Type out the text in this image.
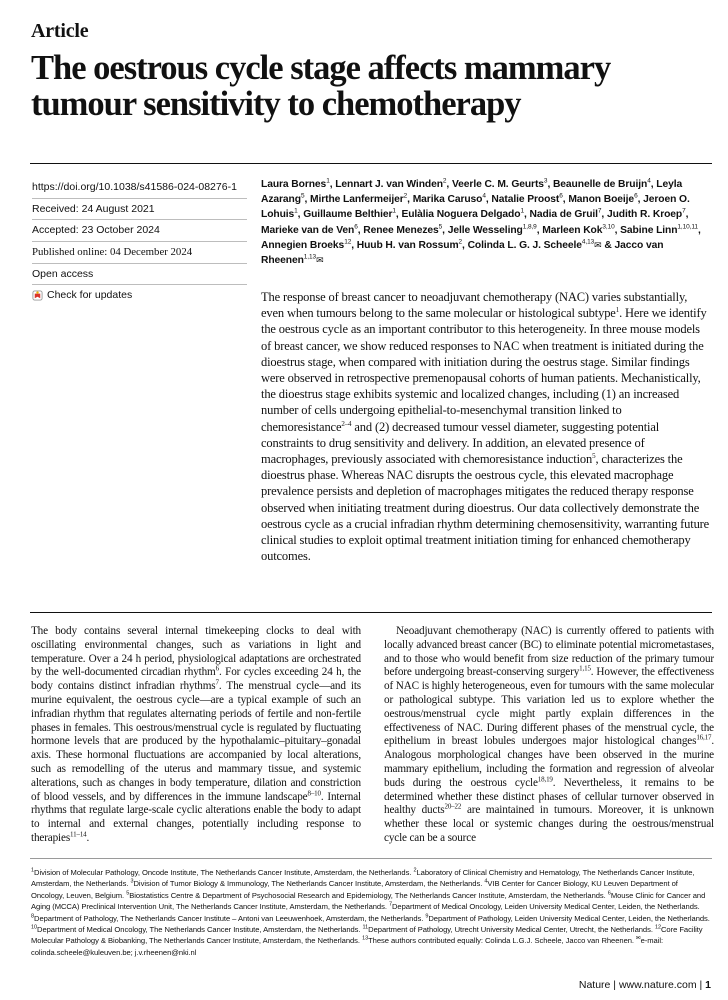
Article
The oestrous cycle stage affects mammary tumour sensitivity to chemotherapy
https://doi.org/10.1038/s41586-024-08276-1
Received: 24 August 2021
Accepted: 23 October 2024
Published online: 04 December 2024
Open access
Check for updates
Laura Bornes$^1$, Lennart J. van Winden$^2$, Veerle C. M. Geurts$^3$, Beaunelle de Bruijn$^4$, Leyla Azarang$^5$, Mirthe Lanfermeijer$^2$, Marika Caruso$^4$, Natalie Proost$^6$, Manon Boeije$^6$, Jeroen O. Lohuis$^1$, Guillaume Belthier$^1$, Eulàlia Noguera Delgado$^1$, Nadia de Gruil$^7$, Judith R. Kroep$^7$, Marieke van de Ven$^6$, Renee Menezes$^5$, Jelle Wesseling$^{1,8,9}$, Marleen Kok$^{3,10}$, Sabine Linn$^{1,10,11}$, Annegien Broeks$^{12}$, Huub H. van Rossum$^2$, Colinda L. G. J. Scheele$^{4,13}$✉ & Jacco van Rheenen$^{1,13}$✉

The response of breast cancer to neoadjuvant chemotherapy (NAC) varies substantially, even when tumours belong to the same molecular or histological subtype$^1$. Here we identify the oestrous cycle as an important contributor to this heterogeneity. In three mouse models of breast cancer, we show reduced responses to NAC when treatment is initiated during the dioestrus stage, when compared with initiation during the oestrus stage. Similar findings were observed in retrospective premenopausal cohorts of human patients. Mechanistically, the dioestrus stage exhibits systemic and localized changes, including (1) an increased number of cells undergoing epithelial-to-mesenchymal transition linked to chemoresistance$^{2-4}$ and (2) decreased tumour vessel diameter, suggesting potential constraints to drug sensitivity and delivery. In addition, an elevated presence of macrophages, previously associated with chemoresistance induction$^5$, characterizes the dioestrus phase. Whereas NAC disrupts the oestrous cycle, this elevated macrophage prevalence persists and depletion of macrophages mitigates the reduced therapy response observed when initiating treatment during dioestrus. Our data collectively demonstrate the oestrous cycle as a crucial infradian rhythm determining chemosensitivity, warranting future clinical studies to exploit optimal treatment initiation timing for enhanced chemotherapy outcomes.

The body contains several internal timekeeping clocks to deal with oscillating environmental changes, such as variations in light and temperature. Over a 24 h period, physiological adaptations are orchestrated by the well-documented circadian rhythm$^6$. For cycles exceeding 24 h, the body contains distinct infradian rhythms$^7$. The menstrual cycle—and its murine equivalent, the oestrous cycle—are a typical example of such an infradian rhythm that regulates alternating periods of fertile and non-fertile phases in females. This oestrous/menstrual cycle is regulated by fluctuating hormone levels that are produced by the hypothalamic–pituitary–gonadal axis. These hormonal fluctuations are accompanied by local alterations, such as remodelling of the uterus and mammary tissue, and systemic alterations, such as changes in body temperature, dilation and constriction of blood vessels, and by differences in the immune landscape$^{8-10}$. Internal rhythms that regulate large-scale cyclic alterations enable the body to adapt to internal and external changes, potentially including response to therapies$^{11-14}$.

Neoadjuvant chemotherapy (NAC) is currently offered to patients with locally advanced breast cancer (BC) to eliminate potential micrometastases, and to those who would benefit from size reduction of the primary tumour before undergoing breast-conserving surgery$^{1,15}$. However, the effectiveness of NAC is highly heterogeneous, even for tumours with the same molecular or pathological subtype. This variation led us to explore whether the oestrous/menstrual cycle might partly explain differences in the effectiveness of NAC. During different phases of the menstrual cycle, the epithelium in breast lobules undergoes major histological changes$^{16,17}$. Analogous morphological changes have been observed in the murine mammary epithelium, including the formation and regression of alveolar buds during the oestrous cycle$^{18,19}$. Nevertheless, it remains to be determined whether these distinct phases of cellular turnover observed in healthy ducts$^{20-22}$ are maintained in tumours. Moreover, it is unknown whether these local or systemic changes during the oestrous/menstrual cycle can be a source

$^1$Division of Molecular Pathology, Oncode Institute, The Netherlands Cancer Institute, Amsterdam, the Netherlands. $^2$Laboratory of Clinical Chemistry and Hematology, The Netherlands Cancer Institute, Amsterdam, the Netherlands. $^3$Division of Tumor Biology & Immunology, The Netherlands Cancer Institute, Amsterdam, the Netherlands. $^4$VIB Center for Cancer Biology, KU Leuven Department of Oncology, Leuven, Belgium. $^5$Biostatistics Centre & Department of Psychosocial Research and Epidemiology, The Netherlands Cancer Institute, Amsterdam, the Netherlands. $^6$Mouse Clinic for Cancer and Aging (MCCA) Preclinical Intervention Unit, The Netherlands Cancer Institute, Amsterdam, the Netherlands. $^7$Department of Medical Oncology, Leiden University Medical Center, Leiden, the Netherlands. $^8$Department of Pathology, The Netherlands Cancer Institute – Antoni van Leeuwenhoek, Amsterdam, the Netherlands. $^9$Department of Pathology, Leiden University Medical Center, Leiden, the Netherlands. $^{10}$Department of Medical Oncology, The Netherlands Cancer Institute, Amsterdam, the Netherlands. $^{11}$Department of Pathology, Utrecht University Medical Center, Utrecht, the Netherlands. $^{12}$Core Facility Molecular Pathology & Biobanking, The Netherlands Cancer Institute, Amsterdam, the Netherlands. $^{13}$These authors contributed equally: Colinda L.G.J. Scheele, Jacco van Rheenen. ✉e-mail: colinda.scheele@kuleuven.be; j.v.rheenen@nki.nl

Nature | www.nature.com | 1
